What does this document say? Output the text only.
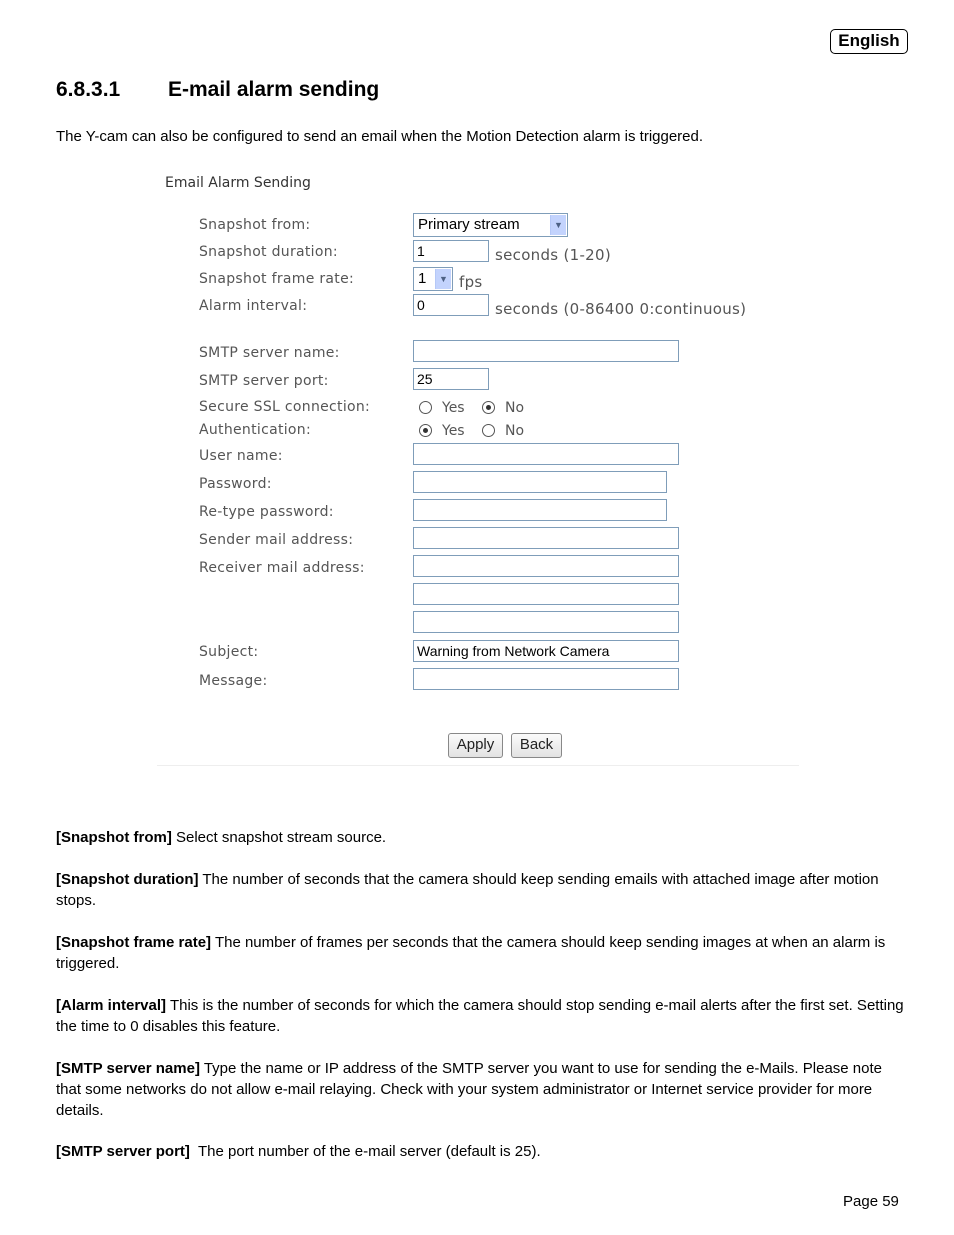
English
6.8.3.1 E-mail alarm sending
The Y-cam can also be configured to send an email when the Motion Detection alarm is triggered.
Email Alarm Sending
Snapshot from:	Primary stream	▼
Snapshot duration:	1	seconds (1-20)
Snapshot frame rate:	1	▼ fps
Alarm interval:	0	seconds (0-86400 0:continuous)
SMTP server name:
SMTP server port:	25
Secure SSL connection:	Yes	No
Authentication:	Yes	No
User name:
Password:
Re-type password:
Sender mail address:
Receiver mail address:
Subject:	Warning from Network Camera
Message:
Apply	Back
[Snapshot from] Select snapshot stream source.
[Snapshot duration] The number of seconds that the camera should keep sending emails with attached image after motion stops.
[Snapshot frame rate] The number of frames per seconds that the camera should keep sending images at when an alarm is triggered.
[Alarm interval] This is the number of seconds for which the camera should stop sending e-mail alerts after the first set. Setting the time to 0 disables this feature.
[SMTP server name] Type the name or IP address of the SMTP server you want to use for sending the e-Mails. Please note that some networks do not allow e-mail relaying. Check with your system administrator or Internet service provider for more details.
[SMTP server port]  The port number of the e-mail server (default is 25).
Page 59
